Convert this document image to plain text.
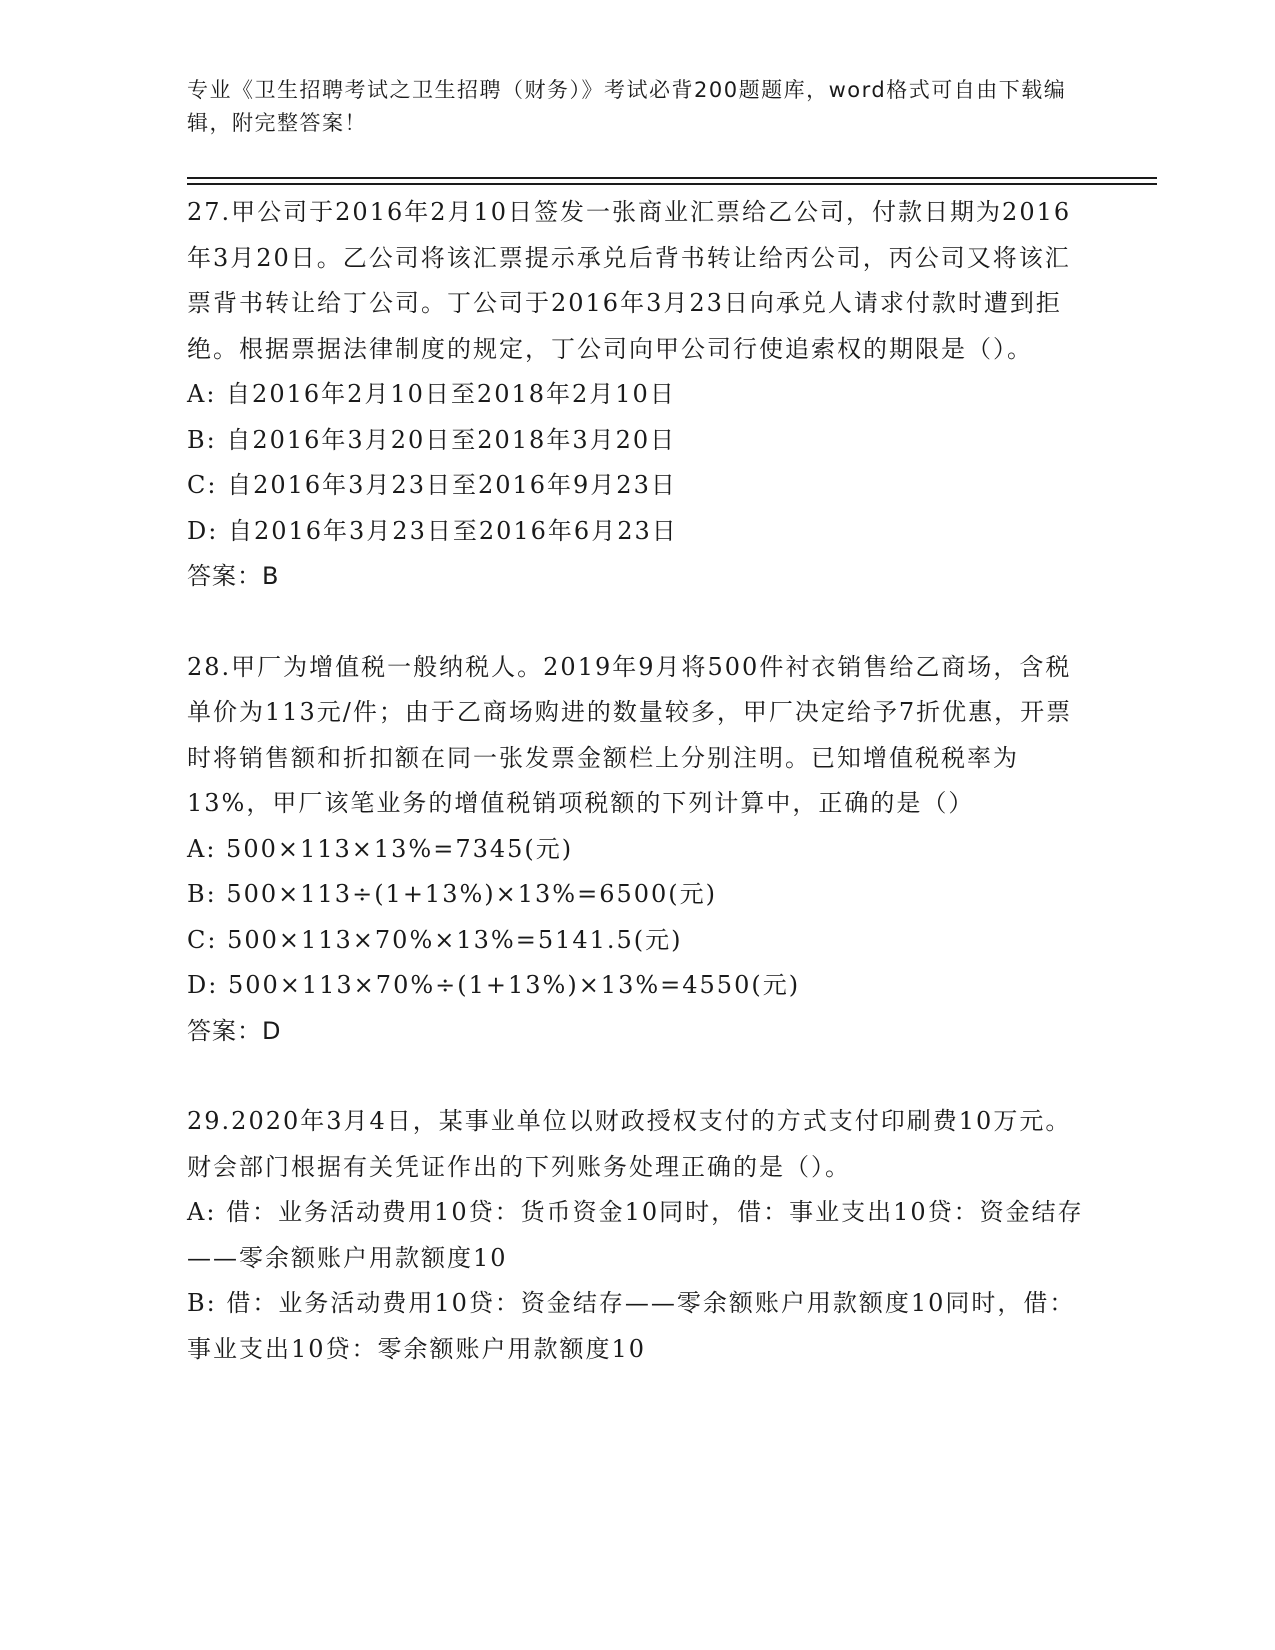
专业《卫生招聘考试之卫生招聘（财务）》考试必背200题题库，word格式可自由下载编辑，附完整答案！
27.甲公司于2016年2月10日签发一张商业汇票给乙公司，付款日期为2016年3月20日。乙公司将该汇票提示承兑后背书转让给丙公司，丙公司又将该汇票背书转让给丁公司。丁公司于2016年3月23日向承兑人请求付款时遭到拒绝。根据票据法律制度的规定，丁公司向甲公司行使追索权的期限是（）。
A: 自2016年2月10日至2018年2月10日
B: 自2016年3月20日至2018年3月20日
C: 自2016年3月23日至2016年9月23日
D: 自2016年3月23日至2016年6月23日
答案：B
28.甲厂为增值税一般纳税人。2019年9月将500件衬衣销售给乙商场，含税单价为113元/件；由于乙商场购进的数量较多，甲厂决定给予7折优惠，开票时将销售额和折扣额在同一张发票金额栏上分别注明。已知增值税税率为13%，甲厂该笔业务的增值税销项税额的下列计算中，正确的是（）
A: 500×113×13%=7345(元)
B: 500×113÷(1+13%)×13%=6500(元)
C: 500×113×70%×13%=5141.5(元)
D: 500×113×70%÷(1+13%)×13%=4550(元)
答案：D
29.2020年3月4日，某事业单位以财政授权支付的方式支付印刷费10万元。财会部门根据有关凭证作出的下列账务处理正确的是（）。
A: 借：业务活动费用10贷：货币资金10同时，借：事业支出10贷：资金结存——零余额账户用款额度10
B: 借：业务活动费用10贷：资金结存——零余额账户用款额度10同时，借：事业支出10贷：零余额账户用款额度10
